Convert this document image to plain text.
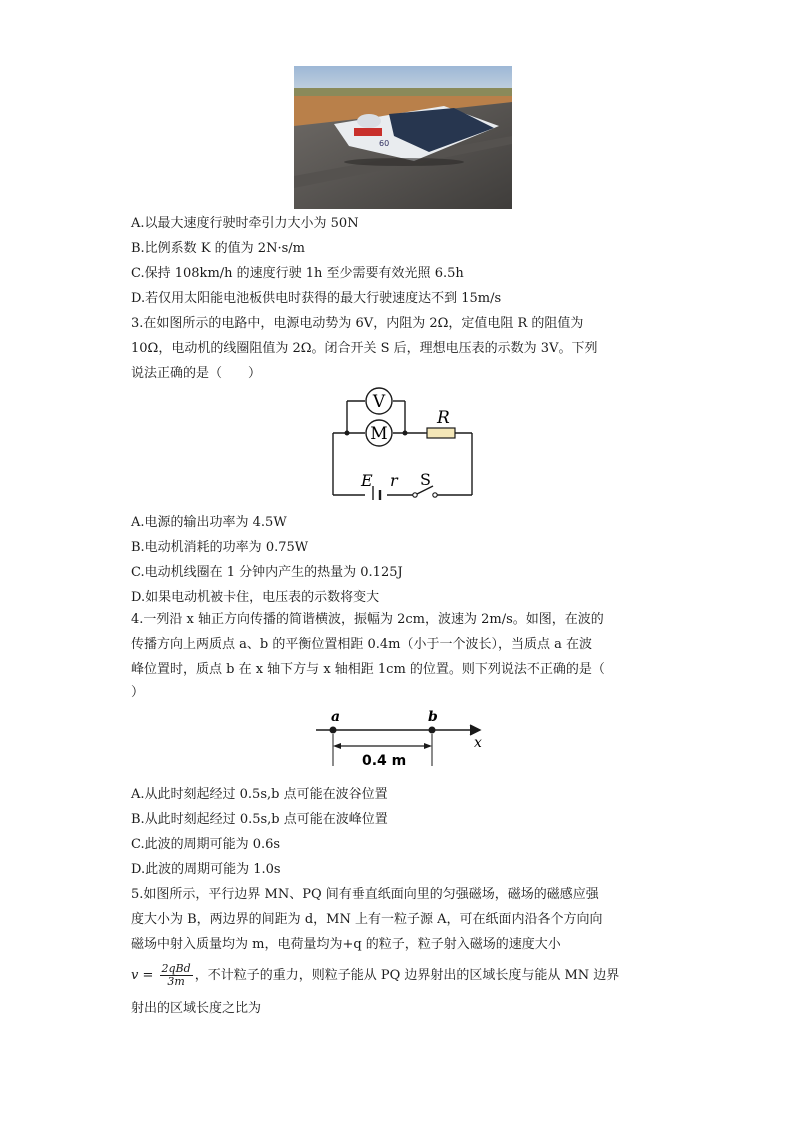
60
A.以最大速度行驶时牵引力大小为 50N
B.比例系数 K 的值为 2N·s/m
C.保持 108km/h 的速度行驶 1h 至少需要有效光照 6.5h
D.若仅用太阳能电池板供电时获得的最大行驶速度达不到 15m/s
3.在如图所示的电路中，电源电动势为 6V，内阻为 2Ω，定值电阻 R 的阻值为
10Ω，电动机的线圈阻值为 2Ω。闭合开关 S 后，理想电压表的示数为 3V。下列
说法正确的是（　　）
V
M
R
E r S
A.电源的输出功率为 4.5W
B.电动机消耗的功率为 0.75W
C.电动机线圈在 1 分钟内产生的热量为 0.125J
D.如果电动机被卡住，电压表的示数将变大
4.一列沿 x 轴正方向传播的简谐横波，振幅为 2cm，波速为 2m/s。如图，在波的
传播方向上两质点 a、b 的平衡位置相距 0.4m（小于一个波长），当质点 a 在波
峰位置时，质点 b 在 x 轴下方与 x 轴相距 1cm 的位置。则下列说法不正确的是（
）
a	b
x
0.4 m
A.从此时刻起经过 0.5s,b 点可能在波谷位置
B.从此时刻起经过 0.5s,b 点可能在波峰位置
C.此波的周期可能为 0.6s
D.此波的周期可能为 1.0s
5.如图所示，平行边界 MN、PQ 间有垂直纸面向里的匀强磁场，磁场的磁感应强
度大小为 B，两边界的间距为 d，MN 上有一粒子源 A，可在纸面内沿各个方向向
磁场中射入质量均为 m，电荷量均为+q 的粒子，粒子射入磁场的速度大小
$v = \frac{\text{2qBd}}{3m}$ ，不计粒子的重力，则粒子能从 PQ 边界射出的区域长度与能从 MN 边界
射出的区域长度之比为
